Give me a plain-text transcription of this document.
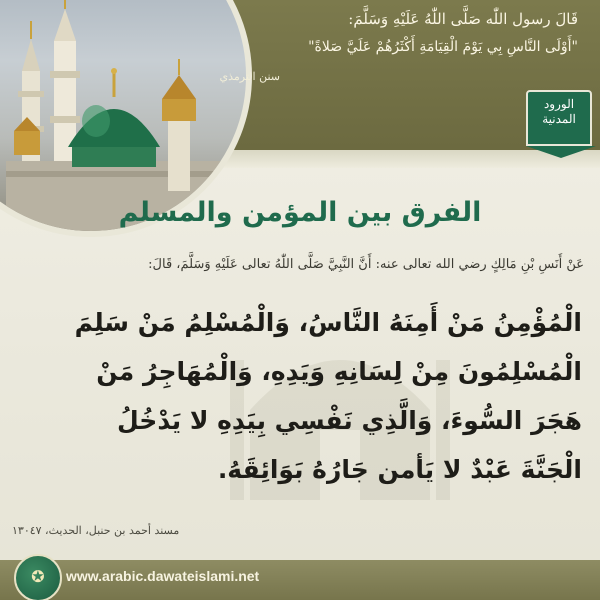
قَالَ رسول اللّٰه صَلَّى اللّٰهُ عَلَيْهِ وَسَلَّمَ:
"أَوْلَى النَّاسِ بِي يَوْمَ الْقِيَامَةِ أَكْثَرُهُمْ عَلَيَّ صَلاةً"
سنن الترمذي
الورود
المدنية
الفرق بين المؤمن والمسلم
عَنْ أَنَسِ بْنِ مَالِكٍ رضي الله تعالى عنه: أَنَّ النَّبِيَّ صَلَّى اللّٰهُ تعالى عَلَيْهِ وَسَلَّمَ، قَالَ:
الْمُؤْمِنُ مَنْ أَمِنَهُ النَّاسُ، وَالْمُسْلِمُ مَنْ سَلِمَ
الْمُسْلِمُونَ مِنْ لِسَانِهِ وَيَدِهِ، وَالْمُهَاجِرُ مَنْ
هَجَرَ السُّوءَ، وَالَّذِي نَفْسِي بِيَدِهِ لا يَدْخُلُ
الْجَنَّةَ عَبْدٌ لا يَأمن جَارُهُ بَوَائِقَهُ.
مسند أحمد بن حنبل، الحديث، ١٣٠٤٧
✪	www.arabic.dawateislami.net
